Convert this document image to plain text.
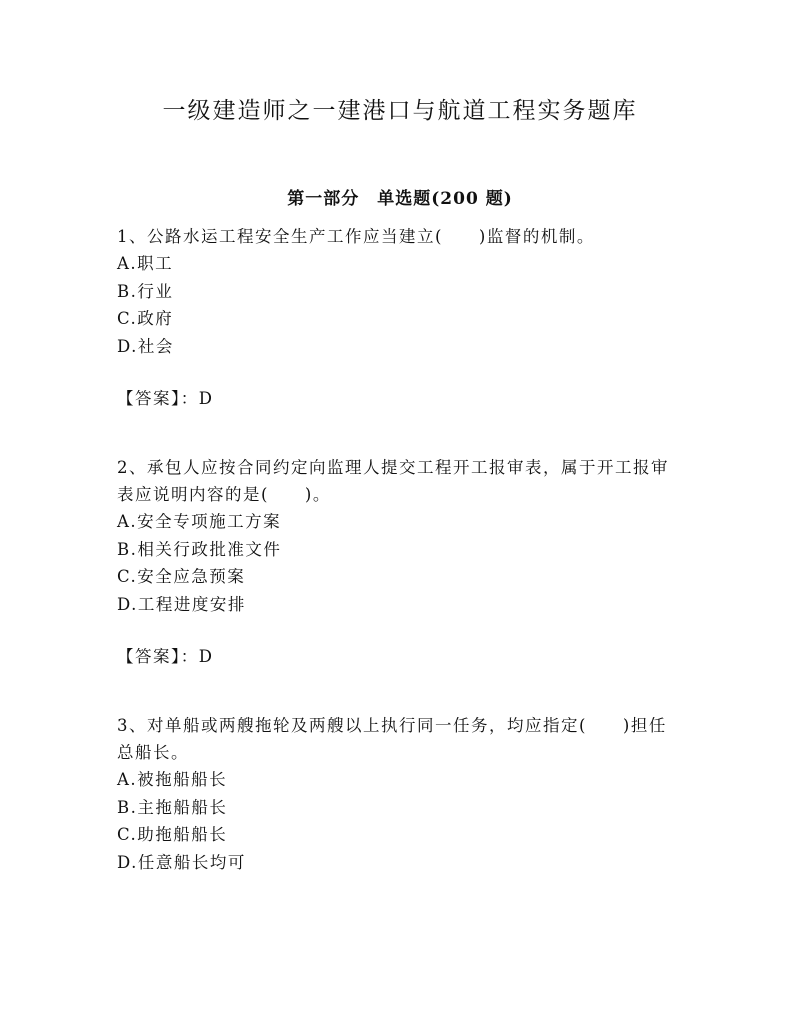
一级建造师之一建港口与航道工程实务题库
第一部分 单选题(200 题)

1、公路水运工程安全生产工作应当建立(　　)监督的机制。

A.职工

B.行业

C.政府

D.社会

【答案】：D

2、承包人应按合同约定向监理人提交工程开工报审表，属于开工报审

表应说明内容的是(　　)。

A.安全专项施工方案

B.相关行政批准文件

C.安全应急预案

D.工程进度安排

【答案】：D

3、对单船或两艘拖轮及两艘以上执行同一任务，均应指定(　　)担任

总船长。

A.被拖船船长

B.主拖船船长

C.助拖船船长

D.任意船长均可
